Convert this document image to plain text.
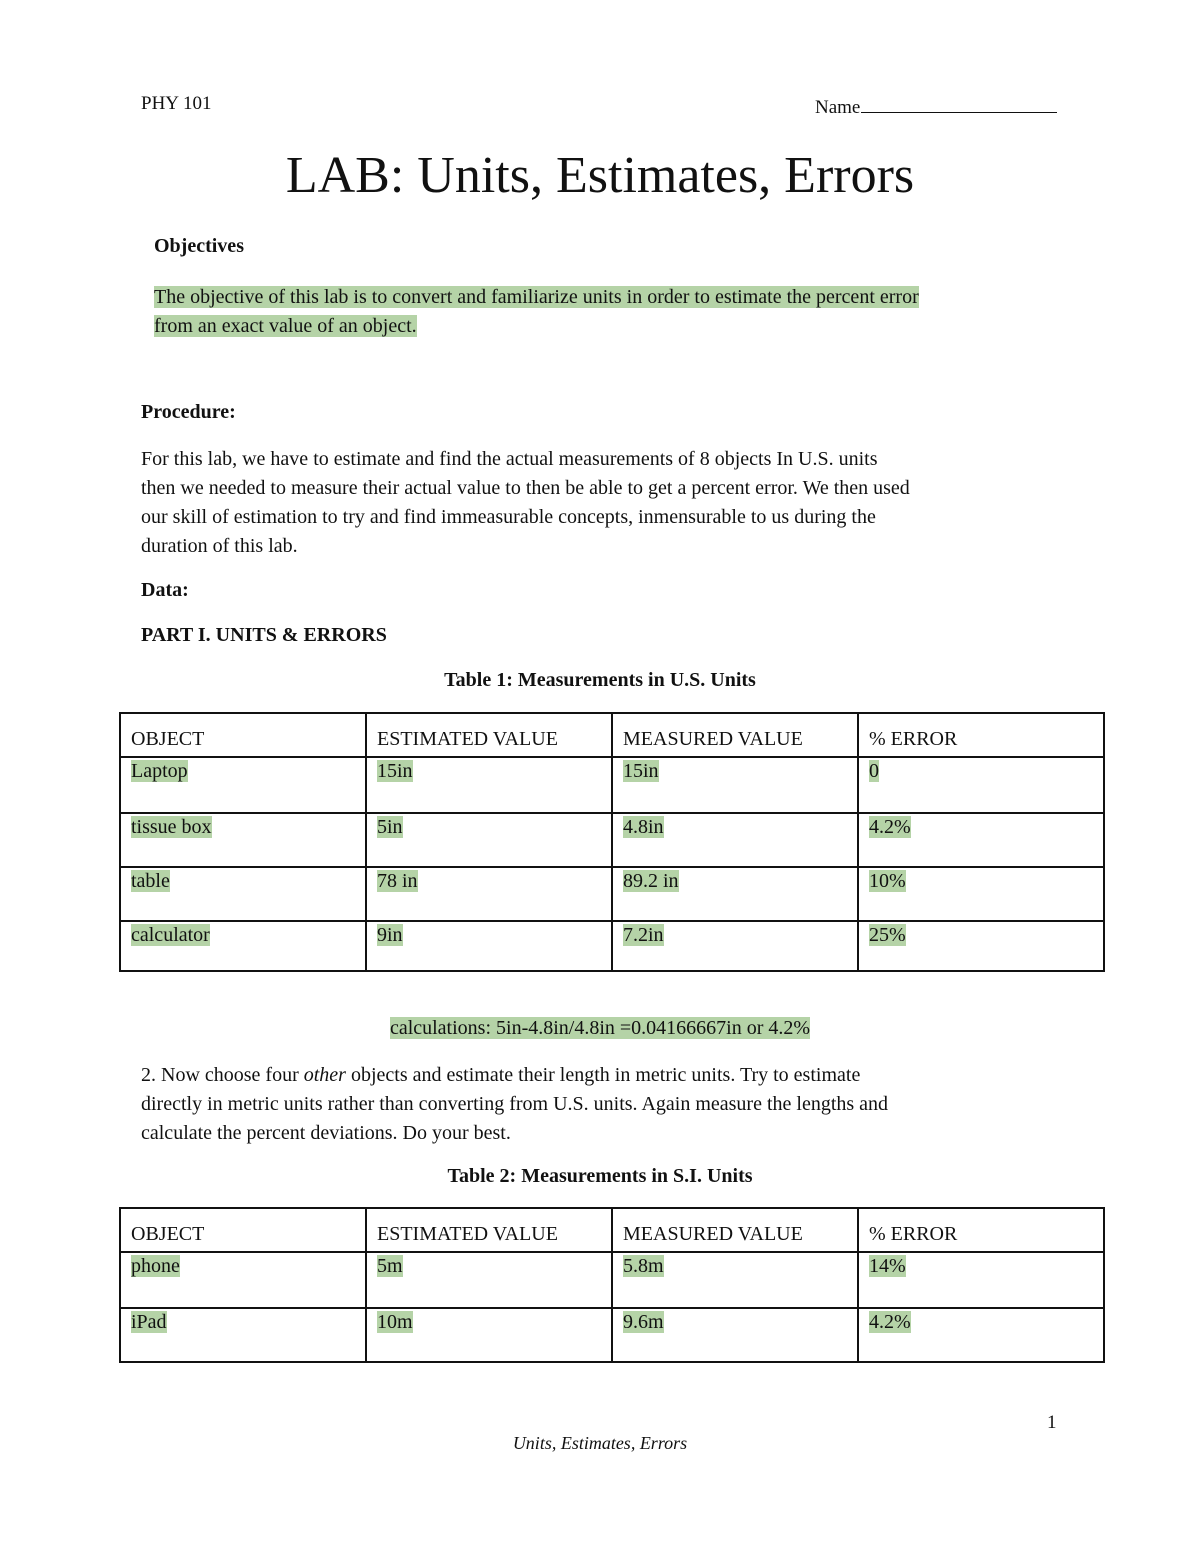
PHY 101	Name
LAB: Units, Estimates, Errors
Objectives
The objective of this lab is to convert and familiarize units in order to estimate the percent error
from an exact value of an object.
Procedure:
For this lab, we have to estimate and find the actual measurements of 8 objects In U.S. units
then we needed to measure their actual value to then be able to get a percent error. We then used
our skill of estimation to try and find immeasurable concepts, inmensurable to us during the
duration of this lab.
Data:
PART I. UNITS & ERRORS
Table 1: Measurements in U.S. Units
OBJECT	ESTIMATED VALUE	MEASURED VALUE	% ERROR
Laptop	15in	15in	0
tissue box	5in	4.8in	4.2%
table	78 in	89.2 in	10%
calculator	9in	7.2in	25%
calculations: 5in-4.8in/4.8in =0.04166667in or 4.2%
2. Now choose four other objects and estimate their length in metric units. Try to estimate
directly in metric units rather than converting from U.S. units. Again measure the lengths and
calculate the percent deviations. Do your best.
Table 2: Measurements in S.I. Units
OBJECT	ESTIMATED VALUE	MEASURED VALUE	% ERROR
phone	5m	5.8m	14%
iPad	10m	9.6m	4.2%
1
Units, Estimates, Errors
